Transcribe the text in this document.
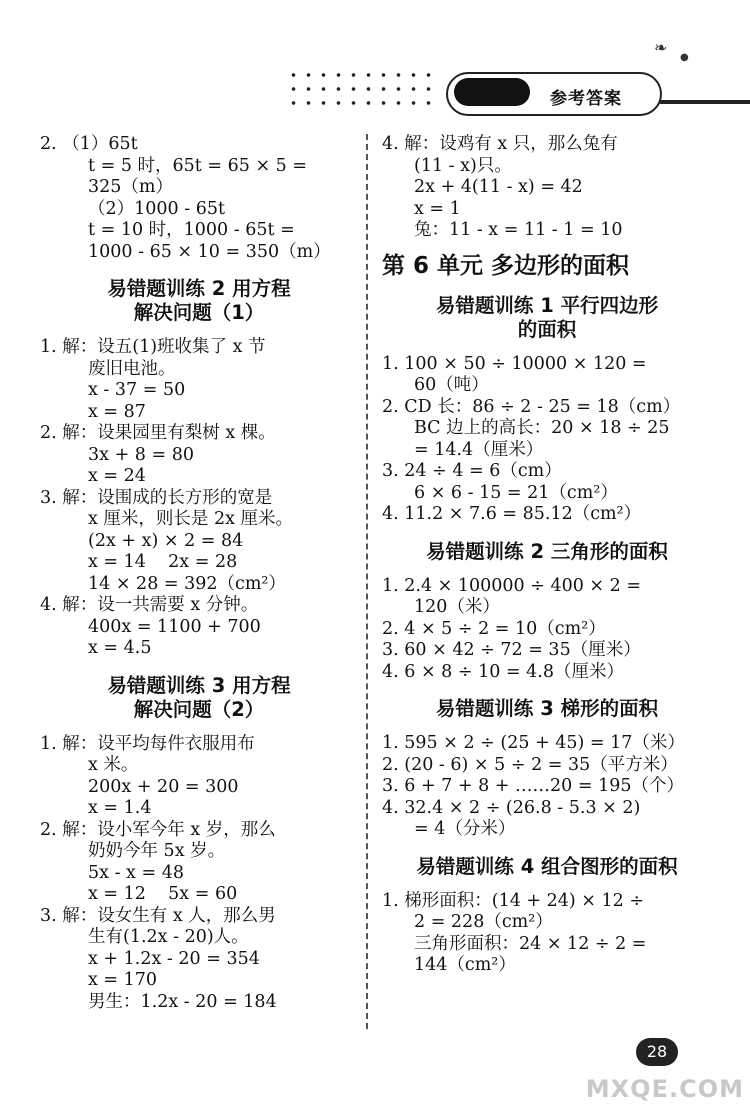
参考答案
❧
●
2. （1）65t
t = 5 时，65t = 65 × 5 =
325（m）
（2）1000 - 65t
t = 10 时，1000 - 65t =
1000 - 65 × 10 = 350（m）
易错题训练 2 用方程
解决问题（1）
1. 解：设五(1)班收集了 x 节
废旧电池。
x - 37 = 50
x = 87
2. 解：设果园里有梨树 x 棵。
3x + 8 = 80
x = 24
3. 解：设围成的长方形的宽是
x 厘米，则长是 2x 厘米。
(2x + x) × 2 = 84
x = 14    2x = 28
14 × 28 = 392（cm²）
4. 解：设一共需要 x 分钟。
400x = 1100 + 700
x = 4.5
易错题训练 3 用方程
解决问题（2）
1. 解：设平均每件衣服用布
x 米。
200x + 20 = 300
x = 1.4
2. 解：设小军今年 x 岁，那么
奶奶今年 5x 岁。
5x - x = 48
x = 12    5x = 60
3. 解：设女生有 x 人，那么男
生有(1.2x - 20)人。
x + 1.2x - 20 = 354
x = 170
男生：1.2x - 20 = 184
4. 解：设鸡有 x 只，那么兔有
(11 - x)只。
2x + 4(11 - x) = 42
x = 1
兔：11 - x = 11 - 1 = 10
第 6 单元 多边形的面积
易错题训练 1 平行四边形
的面积
1. 100 × 50 ÷ 10000 × 120 =
60（吨）
2. CD 长：86 ÷ 2 - 25 = 18（cm）
BC 边上的高长：20 × 18 ÷ 25
= 14.4（厘米）
3. 24 ÷ 4 = 6（cm）
6 × 6 - 15 = 21（cm²）
4. 11.2 × 7.6 = 85.12（cm²）
易错题训练 2 三角形的面积
1. 2.4 × 100000 ÷ 400 × 2 =
120（米）
2. 4 × 5 ÷ 2 = 10（cm²）
3. 60 × 42 ÷ 72 = 35（厘米）
4. 6 × 8 ÷ 10 = 4.8（厘米）
易错题训练 3 梯形的面积
1. 595 × 2 ÷ (25 + 45) = 17（米）
2. (20 - 6) × 5 ÷ 2 = 35（平方米）
3. 6 + 7 + 8 + ……20 = 195（个）
4. 32.4 × 2 ÷ (26.8 - 5.3 × 2)
= 4（分米）
易错题训练 4 组合图形的面积
1. 梯形面积：(14 + 24) × 12 ÷
2 = 228（cm²）
三角形面积：24 × 12 ÷ 2 =
144（cm²）
28
MXQE.COM
